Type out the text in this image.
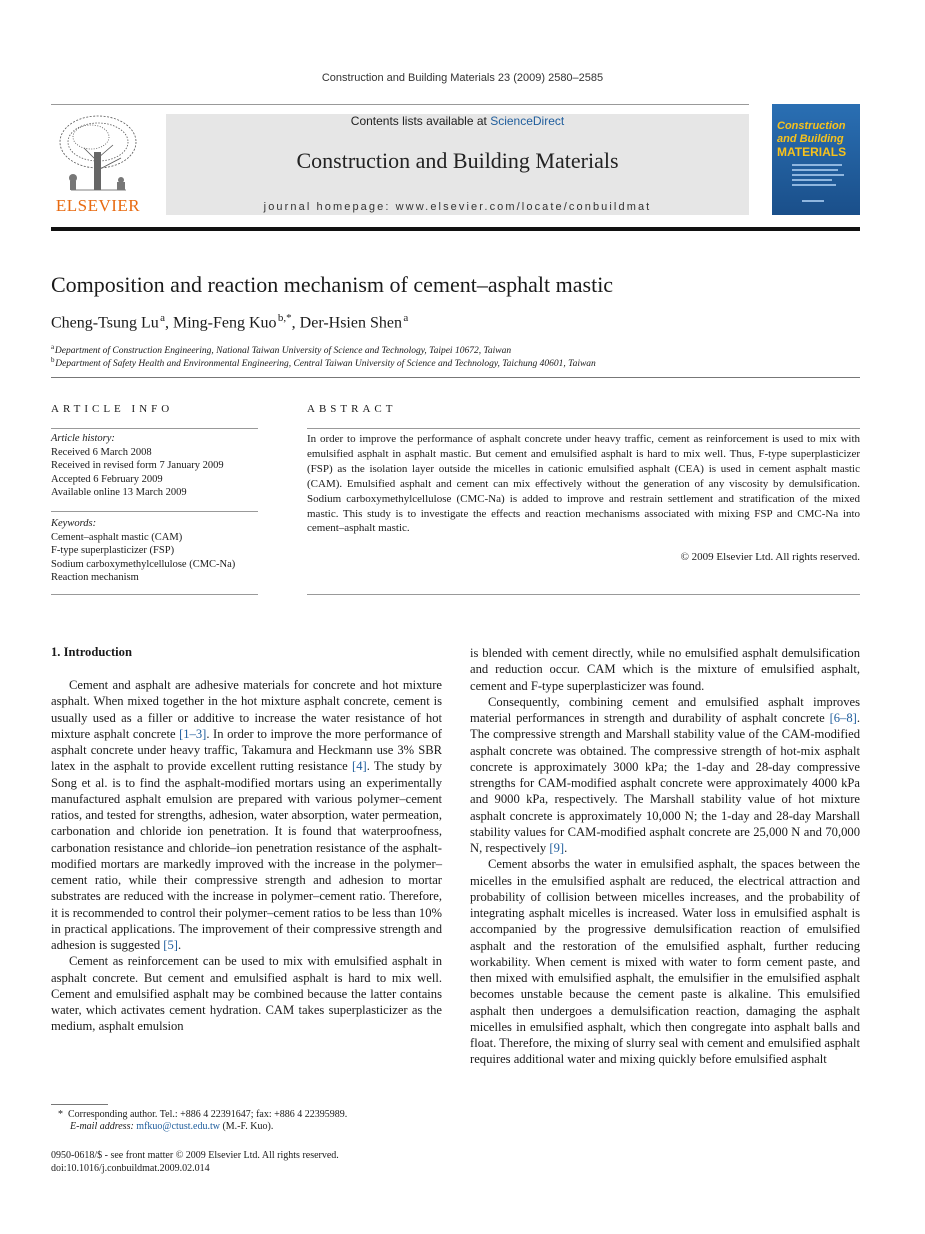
Construction and Building Materials 23 (2009) 2580–2585
ELSEVIER
Contents lists available at ScienceDirect
Construction and Building Materials
journal homepage: www.elsevier.com/locate/conbuildmat
Construction
and Building
MATERIALS
Composition and reaction mechanism of cement–asphalt mastic
Cheng-Tsung Lu $^a$, Ming-Feng Kuo $^{b,*}$, Der-Hsien Shen $^a$
$^a$ Department of Construction Engineering, National Taiwan University of Science and Technology, Taipei 10672, Taiwan
$^b$ Department of Safety Health and Environmental Engineering, Central Taiwan University of Science and Technology, Taichung 40601, Taiwan
ARTICLE INFO	ABSTRACT
Article history:
Received 6 March 2008
Received in revised form 7 January 2009
Accepted 6 February 2009
Available online 13 March 2009
Keywords:
Cement–asphalt mastic (CAM)
F-type superplasticizer (FSP)
Sodium carboxymethylcellulose (CMC-Na)
Reaction mechanism
In order to improve the performance of asphalt concrete under heavy traffic, cement as reinforcement is used to mix with emulsified asphalt in asphalt mastic. But cement and emulsified asphalt is hard to mix well. Thus, F-type superplasticizer (FSP) as the isolation layer outside the micelles in cationic emulsified asphalt (CEA) is used in cement asphalt mastic (CAM). Emulsified asphalt and cement can mix effectively without the generation of any viscosity by demulsification. Sodium carboxymethylcellulose (CMC-Na) is added to improve and restrain settlement and stratification of the mixed mastic. This study is to investigate the effects and reaction mechanisms associated with mixing FSP and CMC-Na into cement–asphalt mastic.
© 2009 Elsevier Ltd. All rights reserved.
1. Introduction

Cement and asphalt are adhesive materials for concrete and hot mixture asphalt. When mixed together in the hot mixture asphalt concrete, cement is usually used as a filler or additive to increase the water resistance of hot mixture asphalt concrete [1–3]. In order to improve the more performance of asphalt concrete under heavy traffic, Takamura and Heckmann use 3% SBR latex in the asphalt to provide excellent rutting resistance [4]. The study by Song et al. is to find the asphalt-modified mortars using an experimentally manufactured asphalt emulsion are prepared with various polymer–cement ratios, and tested for strengths, adhesion, water absorption, water permeation, carbonation and chloride ion penetration. It is found that waterproofness, carbonation resistance and chloride–ion penetration resistance of the asphalt-modified mortars are markedly improved with the increase in the polymer–cement ratio, while their compressive strength and adhesion to mortar substrates are reduced with the increase in polymer–cement ratio. Therefore, it is recommended to control their polymer–cement ratios to be less than 10% in practical applications. The improvement of their compressive strength and adhesion is suggested [5].

Cement as reinforcement can be used to mix with emulsified asphalt in asphalt concrete. But cement and emulsified asphalt is hard to mix well. Cement and emulsified asphalt may be combined because the latter contains water, which activates cement hydration. CAM takes superplasticizer as the medium, asphalt emulsion

is blended with cement directly, while no emulsified asphalt demulsification and reduction occur. CAM which is the mixture of emulsified asphalt, cement and F-type superplasticizer was found.

Consequently, combining cement and emulsified asphalt improves material performances in strength and durability of asphalt concrete [6–8]. The compressive strength and Marshall stability value of the CAM-modified asphalt concrete was obtained. The compressive strength of hot-mix asphalt concrete is approximately 3000 kPa; the 1-day and 28-day compressive strengths for CAM-modified asphalt concrete were approximately 4000 kPa and 9000 kPa, respectively. The Marshall stability value of hot mixture asphalt concrete is approximately 10,000 N; the 1-day and 28-day Marshall stability values for CAM-modified asphalt concrete are 25,000 N and 70,000 N, respectively [9].

Cement absorbs the water in emulsified asphalt, the spaces between the micelles in the emulsified asphalt are reduced, the electrical attraction and probability of collision between micelles increases, and the probability of integrating asphalt micelles is increased. Water loss in emulsified asphalt is accompanied by the progressive demulsification reaction of emulsified asphalt and the restoration of the emulsified asphalt, further reducing workability. When cement is mixed with water to form cement paste, and then mixed with emulsified asphalt, the emulsifier in the emulsified asphalt becomes unstable because the cement paste is alkaline. This emulsified asphalt then undergoes a demulsification reaction, damaging the asphalt micelles in emulsified asphalt, which then congregate into asphalt balls and float. Therefore, the mixing of slurry seal with cement and emulsified asphalt requires additional water and mixing quickly before emulsified asphalt

* Corresponding author. Tel.: +886 4 22391647; fax: +886 4 22395989.
E-mail address: mfkuo@ctust.edu.tw (M.-F. Kuo).
0950-0618/$ - see front matter © 2009 Elsevier Ltd. All rights reserved.
doi:10.1016/j.conbuildmat.2009.02.014
